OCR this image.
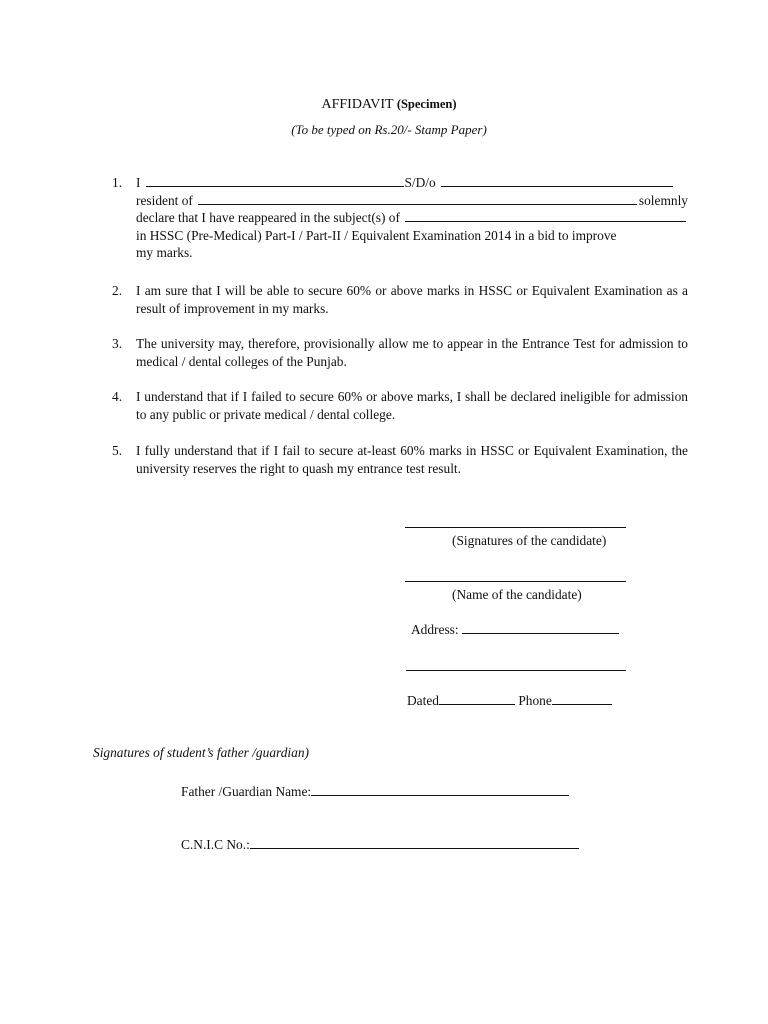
AFFIDAVIT (Specimen)
(To be typed on Rs.20/- Stamp Paper)
1. I	S/D/o
resident of	solemnly
declare that I have reappeared in the subject(s) of
in HSSC (Pre-Medical) Part-I / Part-II / Equivalent Examination 2014 in a bid to improve
my marks.
2. I am sure that I will be able to secure 60% or above marks in HSSC or Equivalent Examination as a result of improvement in my marks.
3. The university may, therefore, provisionally allow me to appear in the Entrance Test for admission to medical / dental colleges of the Punjab.
4. I understand that if I failed to secure 60% or above marks, I shall be declared ineligible for admission to any public or private medical / dental college.
5. I fully understand that if I fail to secure at-least 60% marks in HSSC or Equivalent Examination, the university reserves the right to quash my entrance test result.
(Signatures of the candidate)
(Name of the candidate)
Address:
Dated	Phone
Signatures of student’s father /guardian)
Father /Guardian Name:
C.N.I.C No.:
